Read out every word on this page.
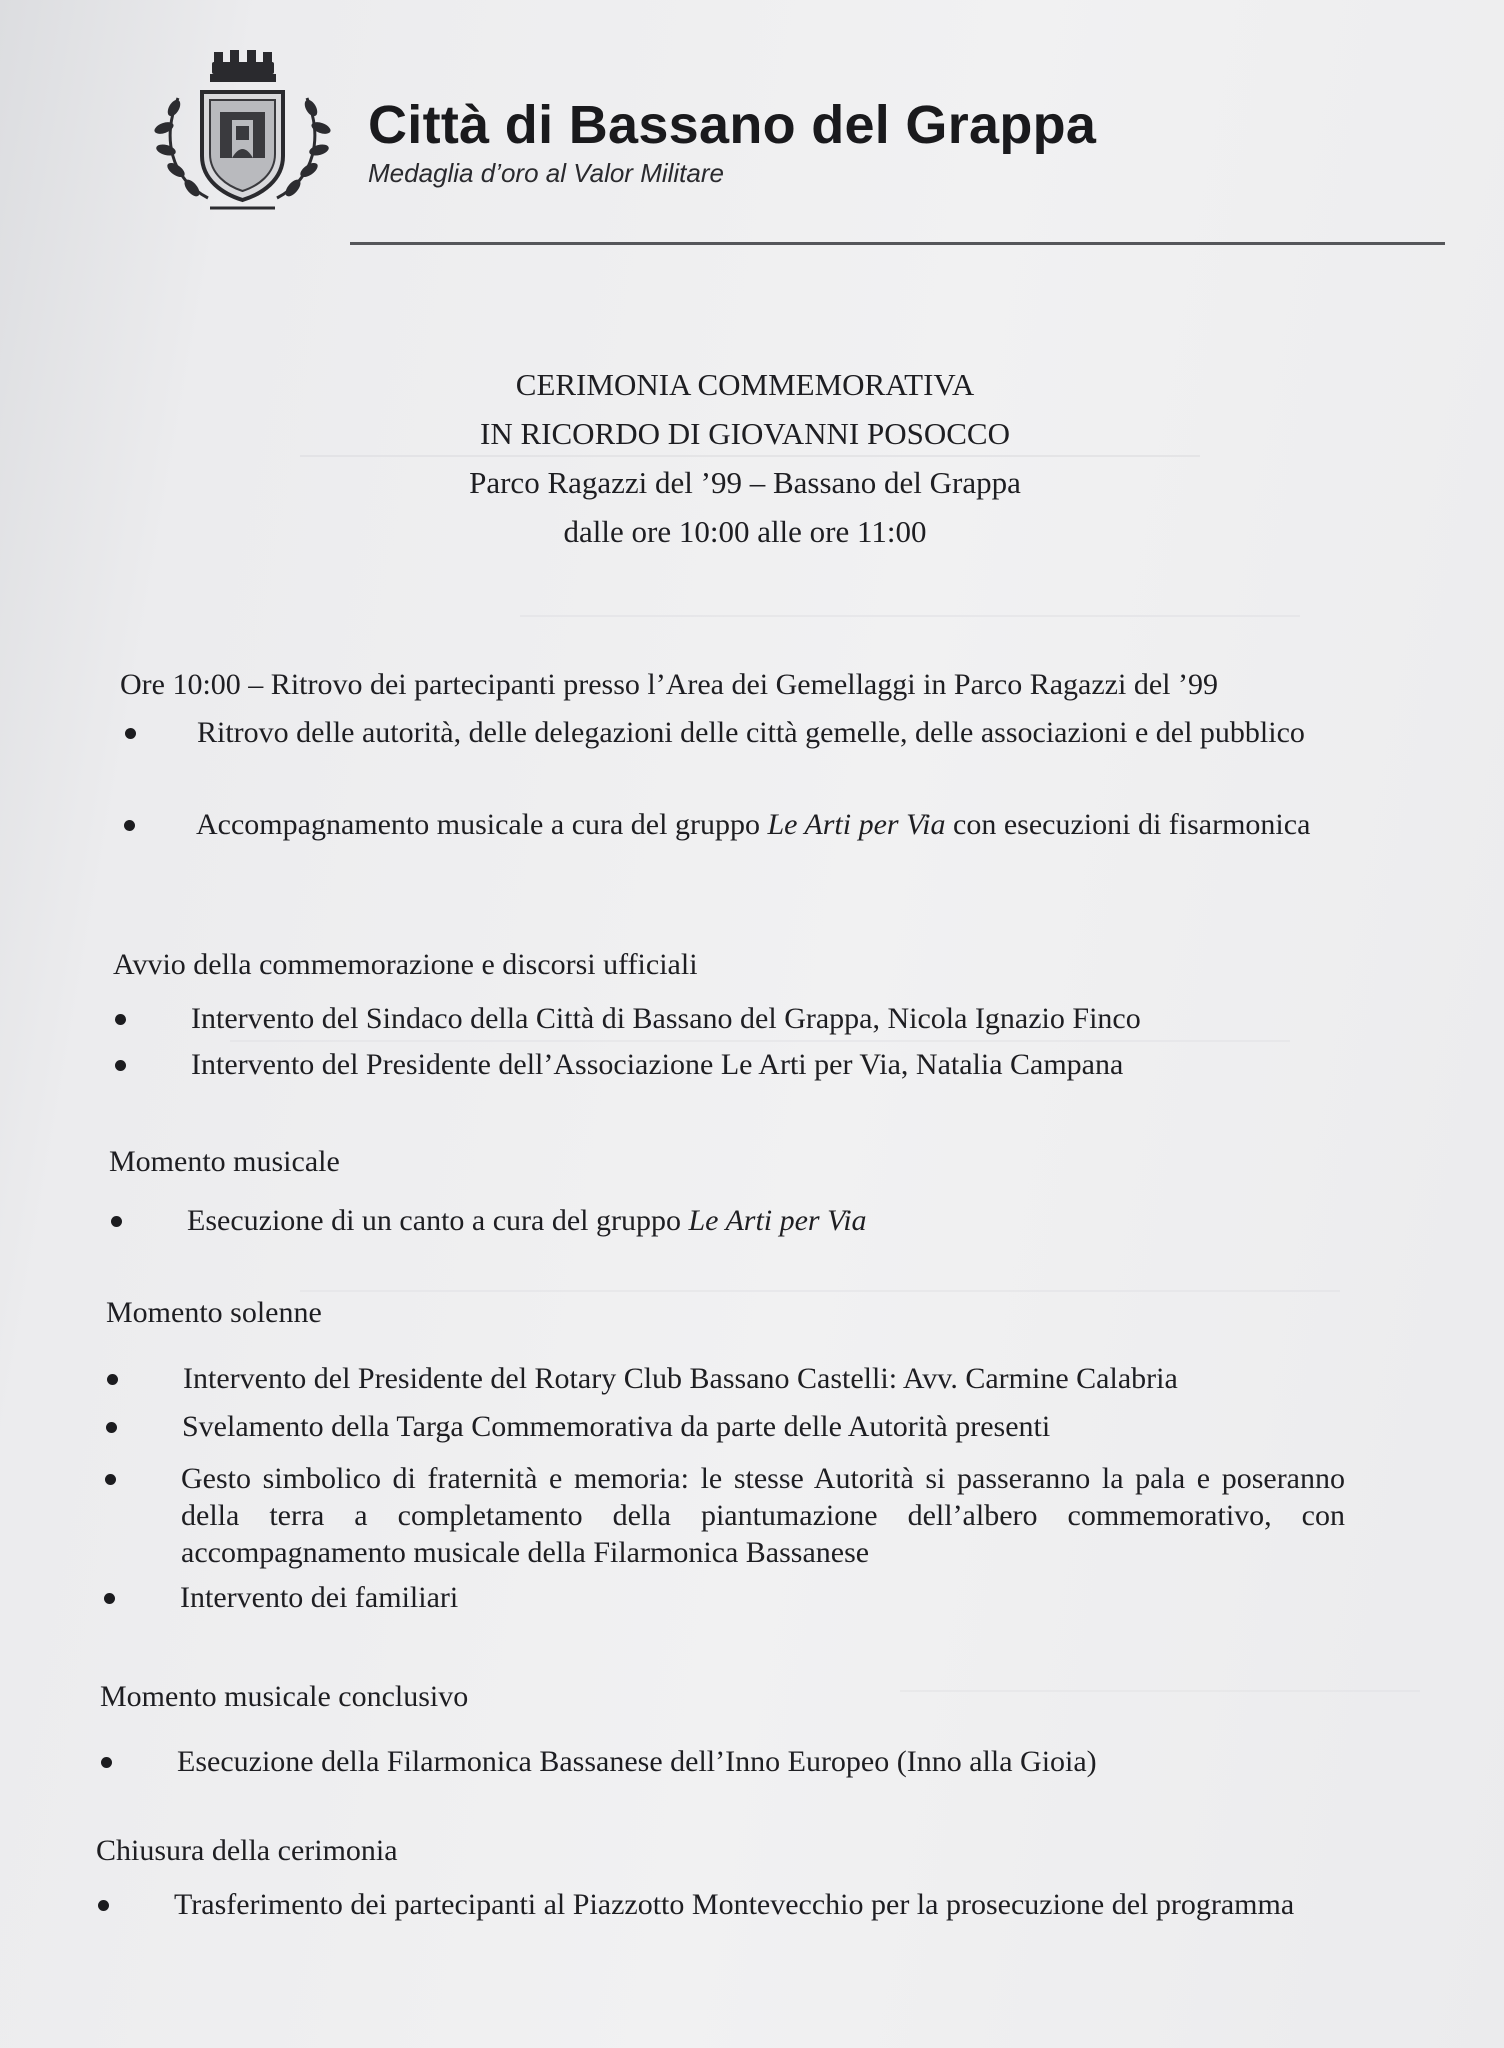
Città di Bassano del Grappa
Medaglia d’oro al Valor Militare
CERIMONIA COMMEMORATIVA
IN RICORDO DI GIOVANNI POSOCCO
Parco Ragazzi del ’99 – Bassano del Grappa
dalle ore 10:00 alle ore 11:00
Ore 10:00 – Ritrovo dei partecipanti presso l’Area dei Gemellaggi in Parco Ragazzi del ’99
Ritrovo delle autorità, delle delegazioni delle città gemelle, delle associazioni e del pubblico
Accompagnamento musicale a cura del gruppo Le Arti per Via con esecuzioni di fisarmonica
Avvio della commemorazione e discorsi ufficiali
Intervento del Sindaco della Città di Bassano del Grappa, Nicola Ignazio Finco
Intervento del Presidente dell’Associazione Le Arti per Via, Natalia Campana
Momento musicale
Esecuzione di un canto a cura del gruppo Le Arti per Via
Momento solenne
Intervento del Presidente del Rotary Club Bassano Castelli: Avv. Carmine Calabria
Svelamento della Targa Commemorativa da parte delle Autorità presenti
Gesto simbolico di fraternità e memoria: le stesse Autorità si passeranno la pala e poseranno della terra a completamento della piantumazione dell’albero commemorativo, con accompagnamento musicale della Filarmonica Bassanese
Intervento dei familiari
Momento musicale conclusivo
Esecuzione della Filarmonica Bassanese dell’Inno Europeo (Inno alla Gioia)
Chiusura della cerimonia
Trasferimento dei partecipanti al Piazzotto Montevecchio per la prosecuzione del programma
